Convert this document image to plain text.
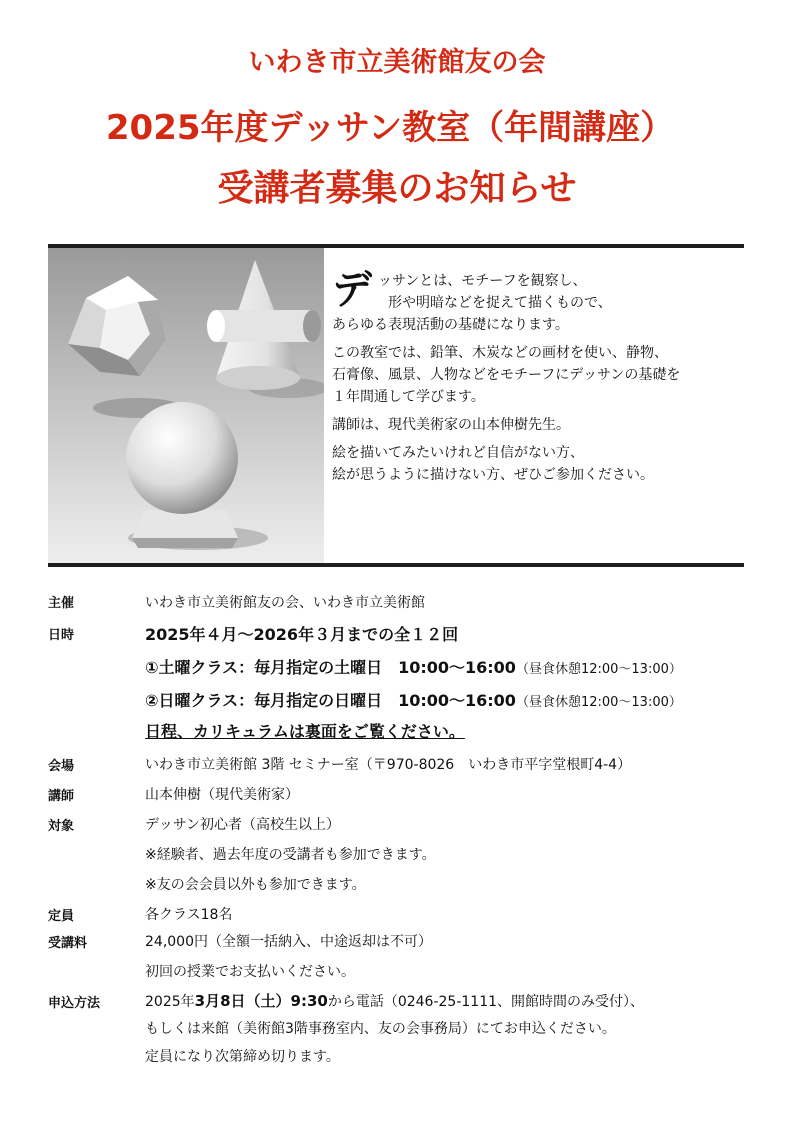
いわき市立美術館友の会
2025年度デッサン教室（年間講座）
受講者募集のお知らせ
デ ッサンとは、モチーフを観察し、
形や明暗などを捉えて描くもので、
あらゆる表現活動の基礎になります。
この教室では、鉛筆、木炭などの画材を使い、静物、
石膏像、風景、人物などをモチーフにデッサンの基礎を
１年間通して学びます。
講師は、現代美術家の山本伸樹先生。
絵を描いてみたいけれど自信がない方、
絵が思うように描けない方、ぜひご参加ください。
主催	いわき市立美術館友の会、いわき市立美術館
日時	2025年４月～2026年３月までの全１２回
①土曜クラス：毎月指定の土曜日　10:00～16:00（昼食休憩12:00～13:00）
②日曜クラス：毎月指定の日曜日　10:00～16:00（昼食休憩12:00～13:00）
日程、カリキュラムは裏面をご覧ください。
会場	いわき市立美術館 3階 セミナー室（〒970-8026　いわき市平字堂根町4-4）
講師	山本伸樹（現代美術家）
対象	デッサン初心者（高校生以上）
※経験者、過去年度の受講者も参加できます。
※友の会会員以外も参加できます。
定員	各クラス18名
受講料	24,000円（全額一括納入、中途返却は不可）
初回の授業でお支払いください。
申込方法	2025年3月8日（土）9:30から電話（0246-25-1111、開館時間のみ受付）、
もしくは来館（美術館3階事務室内、友の会事務局）にてお申込ください。
定員になり次第締め切ります。
